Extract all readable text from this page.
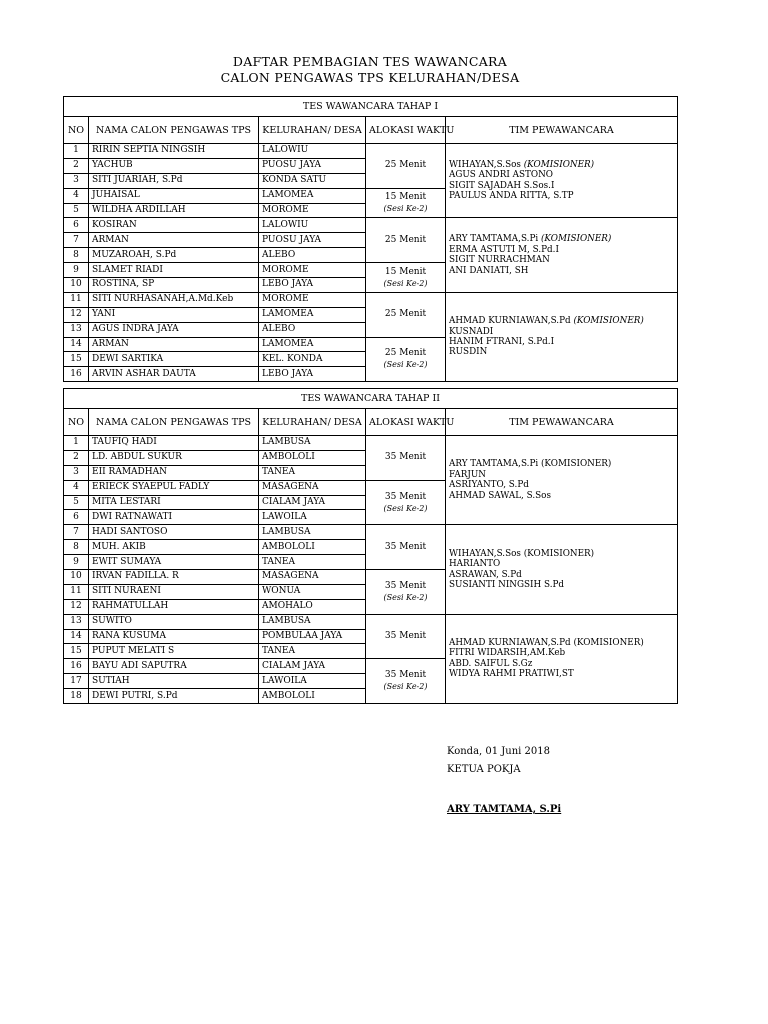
DAFTAR PEMBAGIAN TES WAWANCARA
CALON PENGAWAS TPS KELURAHAN/DESA
TES WAWANCARA TAHAP I				
NO	NAMA CALON PENGAWAS TPS	KELURAHAN/ DESA	ALOKASI WAKTU	TIM PEWAWANCARA
1	RIRIN SEPTIA NINGSIH	LALOWIU	25 Menit	WIHAYAN,S.Sos (KOMISIONER)
AGUS ANDRI ASTONO
SIGIT SAJADAH S.Sos.I
PAULUS ANDA RITTA, S.TP

2	YACHUB	PUOSU JAYA		
3	SITI JUARIAH, S.Pd	KONDA SATU		
4	JUHAISAL	LAMOMEA	15 Menit
(Sesi Ke-2)	

5	WILDHA ARDILLAH	MOROME		
6	KOSIRAN	LALOWIU	25 Menit	ARY TAMTAMA,S.Pi (KOMISIONER)
ERMA ASTUTI M, S.Pd.I
SIGIT NURRACHMAN
ANI DANIATI, SH

7	ARMAN	PUOSU JAYA		
8	MUZAROAH, S.Pd	ALEBO		
9	SLAMET RIADI	MOROME	15 Menit
(Sesi Ke-2)	

10	ROSTINA, SP	LEBO JAYA		
11	SITI NURHASANAH,A.Md.Keb	MOROME	25 Menit	AHMAD KURNIAWAN,S.Pd (KOMISIONER)
KUSNADI
HANIM FTRANI, S.Pd.I
RUSDIN

12	YANI	LAMOMEA		
13	AGUS INDRA JAYA	ALEBO		
14	ARMAN	LAMOMEA	25 Menit
(Sesi Ke-2)	

15	DEWI SARTIKA	KEL. KONDA		
16	ARVIN ASHAR DAUTA	LEBO JAYA		
TES WAWANCARA TAHAP II				
NO	NAMA CALON PENGAWAS TPS	KELURAHAN/ DESA	ALOKASI WAKTU	TIM PEWAWANCARA
1	TAUFIQ HADI	LAMBUSA	35 Menit	ARY TAMTAMA,S.Pi (KOMISIONER)
FARJUN
ASRIYANTO, S.Pd
AHMAD SAWAL, S.Sos

2	LD. ABDUL SUKUR	AMBOLOLI		
3	EII RAMADHAN	TANEA		
4	ERIECK SYAEPUL FADLY	MASAGENA	35 Menit
(Sesi Ke-2)	

5	MITA LESTARI	CIALAM JAYA		
6	DWI RATNAWATI	LAWOILA		
7	HADI SANTOSO	LAMBUSA	35 Menit	WIHAYAN,S.Sos (KOMISIONER)
HARIANTO
ASRAWAN, S.Pd
SUSIANTI NINGSIH S.Pd

8	MUH. AKIB	AMBOLOLI		
9	EWIT SUMAYA	TANEA		
10	IRVAN FADILLA. R	MASAGENA	35 Menit
(Sesi Ke-2)	

11	SITI NURAENI	WONUA		
12	RAHMATULLAH	AMOHALO		
13	SUWITO	LAMBUSA	35 Menit	AHMAD KURNIAWAN,S.Pd (KOMISIONER)
FITRI WIDARSIH,AM.Keb
ABD. SAIFUL S.Gz
WIDYA RAHMI PRATIWI,ST

14	RANA KUSUMA	POMBULAA JAYA		
15	PUPUT MELATI S	TANEA		
16	BAYU ADI SAPUTRA	CIALAM JAYA	35 Menit
(Sesi Ke-2)	

17	SUTIAH	LAWOILA		
18	DEWI PUTRI, S.Pd	AMBOLOLI		
Konda, 01 Juni 2018
KETUA POKJA
ARY TAMTAMA, S.Pi
